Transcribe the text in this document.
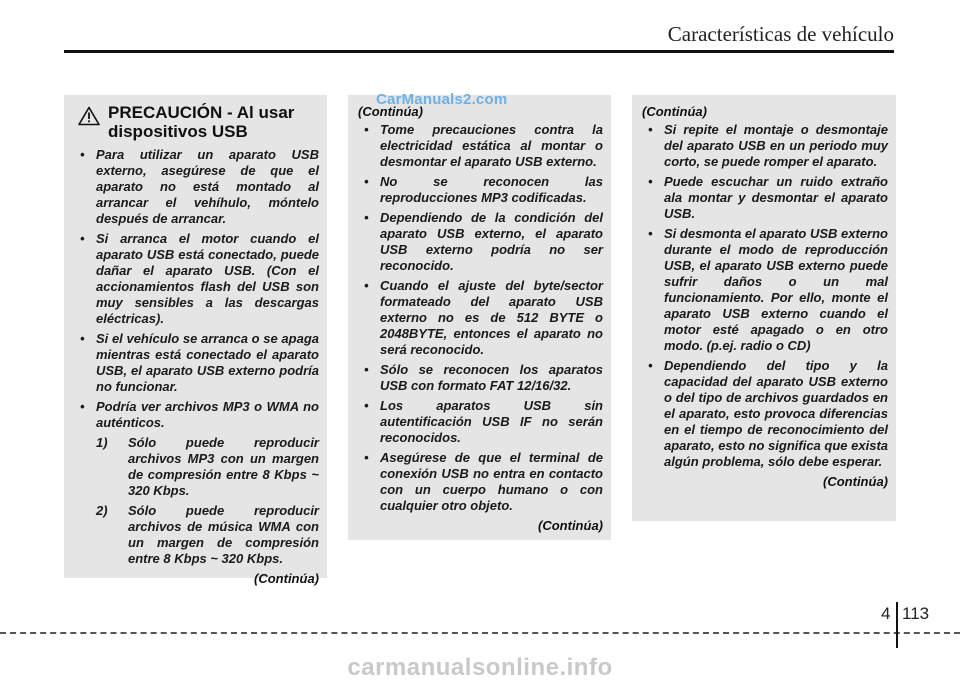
Características de vehículo
PRECAUCIÓN - Al usar
dispositivos USB
• Para utilizar un aparato USB externo, asegúrese de que el aparato no está montado al arrancar el vehíhulo, móntelo después de arrancar.
• Si arranca el motor cuando el aparato USB está conectado, puede dañar el aparato USB. (Con el accionamientos flash del USB son muy sensibles a las descargas eléctricas).
• Si el vehículo se arranca o se apaga mientras está conectado el aparato USB, el aparato USB externo podría no funcionar.
• Podría ver archivos MP3 o WMA no auténticos.
1) Sólo puede reproducir archivos MP3 con un margen de compresión entre 8 Kbps ~ 320 Kbps.
2) Sólo puede reproducir archivos de música WMA con un margen de compresión entre 8 Kbps ~ 320 Kbps.
(Continúa)
(Continúa)
• Tome precauciones contra la electricidad estática al montar o desmontar el aparato USB externo.
• No se reconocen las reproducciones MP3 codificadas.
• Dependiendo de la condición del aparato USB externo, el aparato USB externo podría no ser reconocido.
• Cuando el ajuste del byte/sector formateado del aparato USB externo no es de 512 BYTE o 2048BYTE, entonces el aparato no será reconocido.
• Sólo se reconocen los aparatos USB con formato FAT 12/16/32.
• Los aparatos USB sin autentificación USB IF no serán reconocidos.
• Asegúrese de que el terminal de conexión USB no entra en contacto con un cuerpo humano o con cualquier otro objeto.
(Continúa)
(Continúa)
• Si repite el montaje o desmontaje del aparato USB en un periodo muy corto, se puede romper el aparato.
• Puede escuchar un ruido extraño ala montar y desmontar el aparato USB.
• Si desmonta el aparato USB externo durante el modo de reproducción USB, el aparato USB externo puede sufrir daños o un mal funcionamiento. Por ello, monte el aparato USB externo cuando el motor esté apagado o en otro modo. (p.ej. radio o CD)
• Dependiendo del tipo y la capacidad del aparato USB externo o del tipo de archivos guardados en el aparato, esto provoca diferencias en el tiempo de reconocimiento del aparato, esto no significa que exista algún problema, sólo debe esperar.
(Continúa)
CarManuals2.com
4 113
carmanualsonline.info
